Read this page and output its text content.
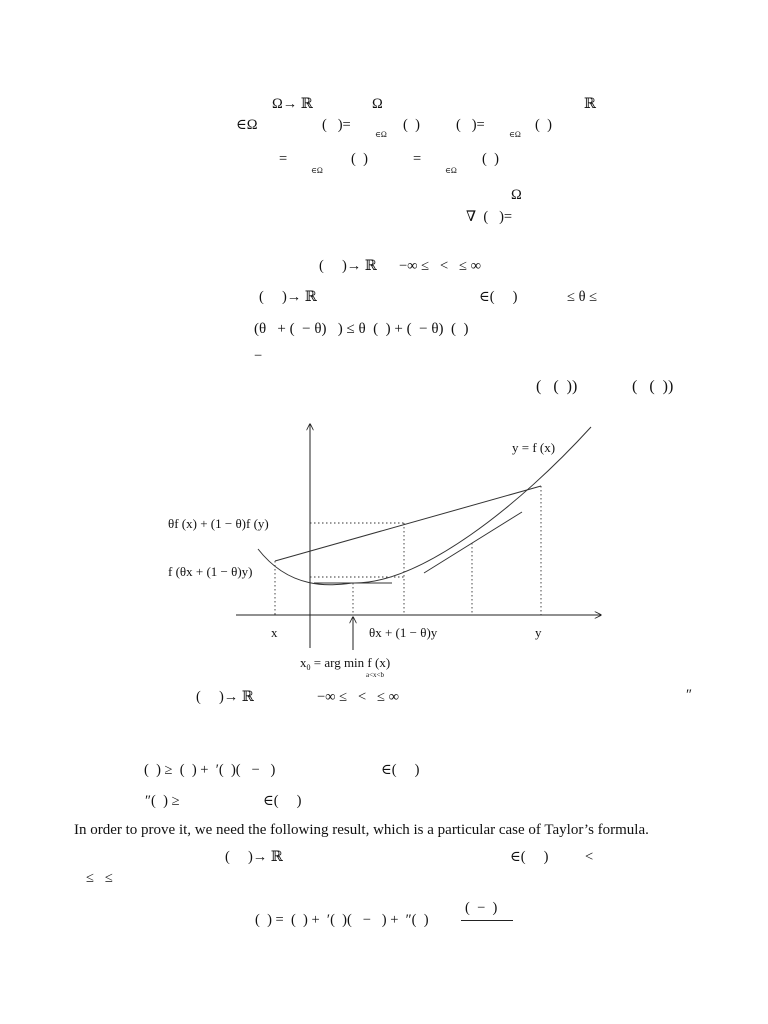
Ω→ ℝ	Ω	ℝ
∈Ω	(   )=
∈Ω
(  ) (   )=
∈Ω
(  )
=
∈Ω
(  )	=
∈Ω
(  )
Ω
∇  (   )=
(     )→ ℝ −∞ ≤   <   ≤ ∞
(     )→ ℝ	∈(     )	≤ θ ≤
(θ   + (  − θ)   ) ≤ θ  (  ) + (  − θ)  (  )
−
(   (  ))	(   (  ))
y = f (x)
θf (x) + (1 − θ)f (y)
f (θx + (1 − θ)y)
x	θx + (1 − θ)y	y
$x_0$ = arg min f (x)
a<x<b
(     )→ ℝ	−∞ ≤   <   ≤ ∞	″
(  ) ≥  (  ) +  ′(  )(   −   )	∈(     )
″(  ) ≥	∈(     )
In order to prove it, we need the following result, which is a particular case of Taylor’s formula.
(     )→ ℝ	∈(     )	<
≤   ≤
(  ) =  (  ) +  ′(  )(   −   ) +  ″(  )
(  −  )
